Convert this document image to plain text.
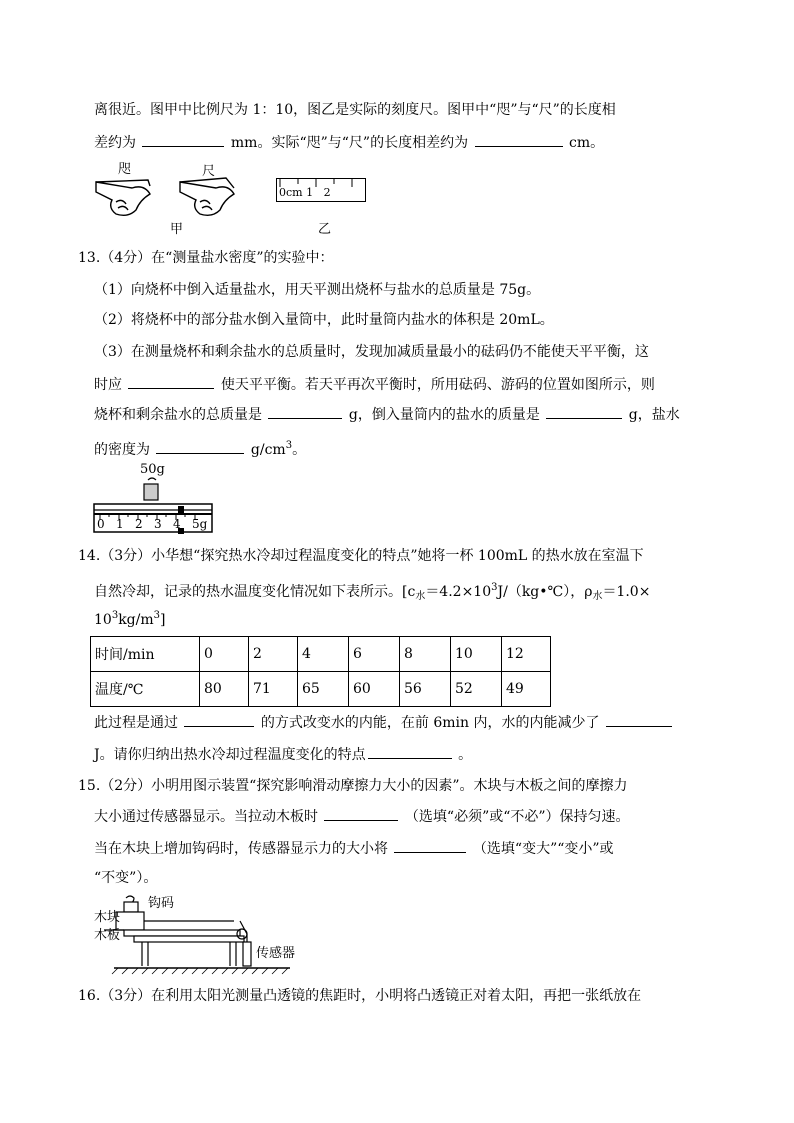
离很近。图甲中比例尺为 1：10，图乙是实际的刻度尺。图甲中“咫”与“尺”的长度相
差约为	mm。实际“咫”与“尺”的长度相差约为	cm。
咫	尺
甲
0cm 1   2
乙
13.（4分）在“测量盐水密度”的实验中：
（1）向烧杯中倒入适量盐水，用天平测出烧杯与盐水的总质量是 75g。
（2）将烧杯中的部分盐水倒入量筒中，此时量筒内盐水的体积是 20mL。
（3）在测量烧杯和剩余盐水的总质量时，发现加减质量最小的砝码仍不能使天平平衡，这
时应	使天平平衡。若天平再次平衡时，所用砝码、游码的位置如图所示，则
烧杯和剩余盐水的总质量是	g，倒入量筒内的盐水的质量是	g，盐水
的密度为	$g/cm^3$。
50g
0 1 2 3 4 5g
14.（3分）小华想“探究热水冷却过程温度变化的特点”她将一杯 100mL 的热水放在室温下
自然冷却，记录的热水温度变化情况如下表所示。[$c_水=4.2\times 10^3J/(kg•℃)$，$\rho_水=1.0\times$
$10^3kg/m^3$]
时间/min	0	2	4	6	8	10	12
温度/℃	80	71	65	60	56	52	49
此过程是通过	的方式改变水的内能，在前 6min 内，水的内能减少了
J。请你归纳出热水冷却过程温度变化的特点	。
15.（2分）小明用图示装置“探究影响滑动摩擦力大小的因素”。木块与木板之间的摩擦力
大小通过传感器显示。当拉动木板时	（选填“必须”或“不必”）保持匀速。
当在木块上增加钩码时，传感器显示力的大小将	（选填“变大”“变小”或
“不变”）。
钩码
木块
木板
传感器
16.（3分）在利用太阳光测量凸透镜的焦距时，小明将凸透镜正对着太阳，再把一张纸放在
